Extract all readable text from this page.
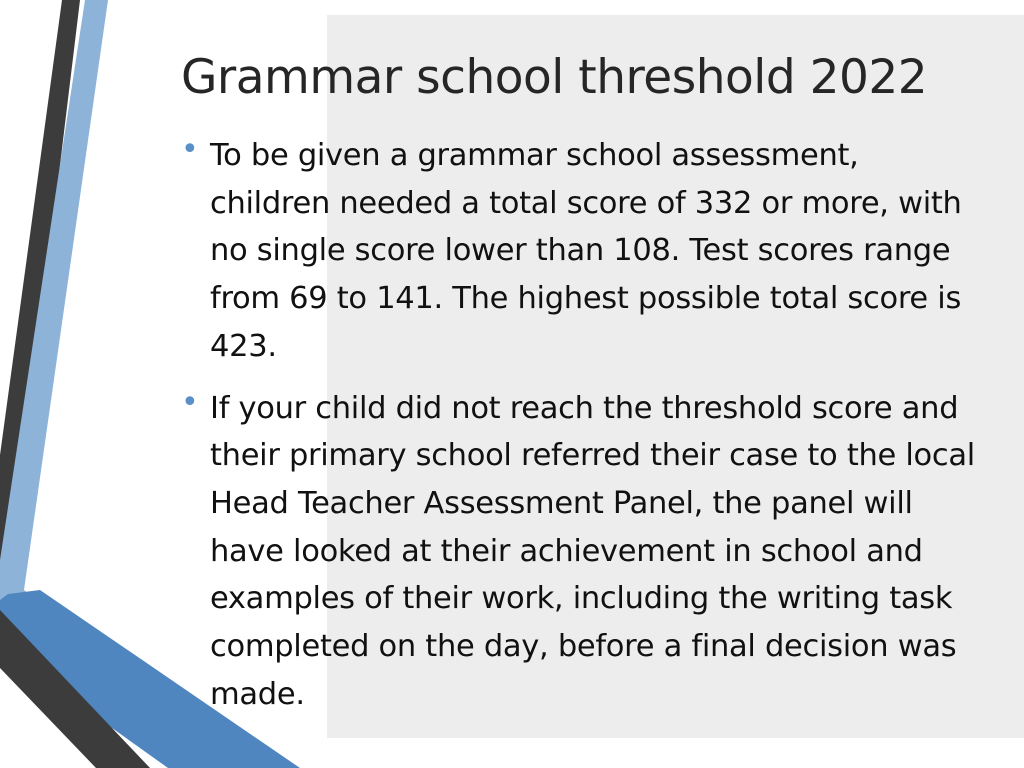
Grammar school threshold 2022
• To be given a grammar school assessment, children needed a total score of 332 or more, with no single score lower than 108. Test scores range from 69 to 141. The highest possible total score is 423.
• If your child did not reach the threshold score and their primary school referred their case to the local Head Teacher Assessment Panel, the panel will have looked at their achievement in school and examples of their work, including the writing task completed on the day, before a final decision was made.
